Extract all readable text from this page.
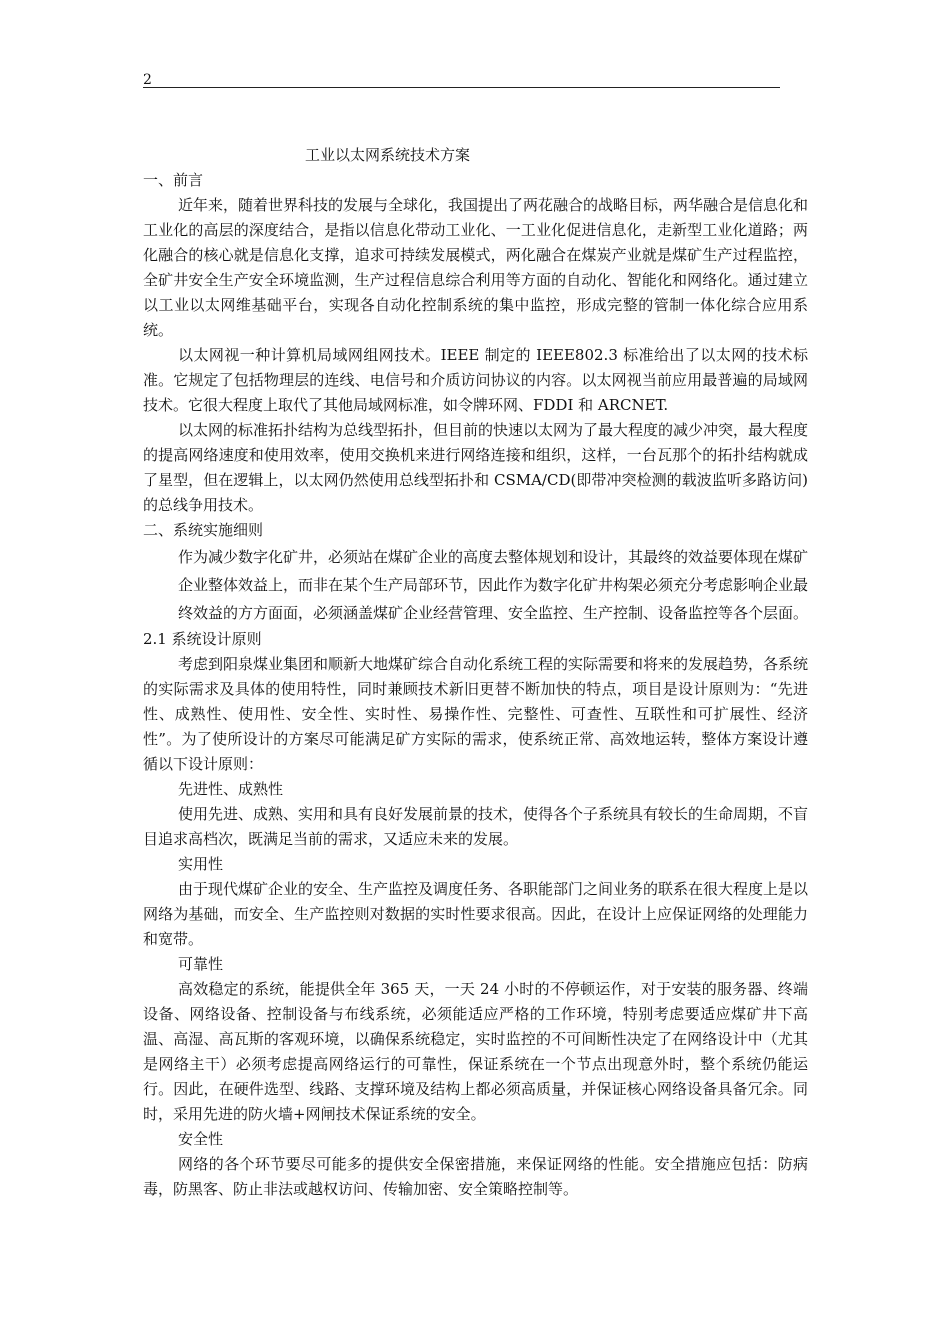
2
工业以太网系统技术方案
一、前言

近年来，随着世界科技的发展与全球化，我国提出了两花融合的战略目标，两华融合是信息化和工业化的高层的深度结合，是指以信息化带动工业化、一工业化促进信息化，走新型工业化道路；两化融合的核心就是信息化支撑，追求可持续发展模式，两化融合在煤炭产业就是煤矿生产过程监控，全矿井安全生产安全环境监测，生产过程信息综合利用等方面的自动化、智能化和网络化。通过建立以工业以太网维基础平台，实现各自动化控制系统的集中监控，形成完整的管制一体化综合应用系统。

以太网视一种计算机局域网组网技术。IEEE 制定的 IEEE802.3 标准给出了以太网的技术标准。它规定了包括物理层的连线、电信号和介质访问协议的内容。以太网视当前应用最普遍的局域网技术。它很大程度上取代了其他局域网标准，如令牌环网、FDDI 和 ARCNET.

以太网的标准拓扑结构为总线型拓扑，但目前的快速以太网为了最大程度的减少冲突，最大程度的提高网络速度和使用效率，使用交换机来进行网络连接和组织，这样，一台瓦那个的拓扑结构就成了星型，但在逻辑上，以太网仍然使用总线型拓扑和 CSMA/CD(即带冲突检测的载波监听多路访问)的总线争用技术。

二、系统实施细则
作为减少数字化矿井，必须站在煤矿企业的高度去整体规划和设计，其最终的效益要体现在煤矿企业整体效益上，而非在某个生产局部环节，因此作为数字化矿井构架必须充分考虑影响企业最终效益的方方面面，必须涵盖煤矿企业经营管理、安全监控、生产控制、设备监控等各个层面。
2.1 系统设计原则

考虑到阳泉煤业集团和顺新大地煤矿综合自动化系统工程的实际需要和将来的发展趋势，各系统的实际需求及具体的使用特性，同时兼顾技术新旧更替不断加快的特点，项目是设计原则为：“先进性、成熟性、使用性、安全性、实时性、易操作性、完整性、可查性、互联性和可扩展性、经济性”。为了使所设计的方案尽可能满足矿方实际的需求，使系统正常、高效地运转，整体方案设计遵循以下设计原则：

先进性、成熟性

使用先进、成熟、实用和具有良好发展前景的技术，使得各个子系统具有较长的生命周期，不盲目追求高档次，既满足当前的需求，又适应未来的发展。

实用性

由于现代煤矿企业的安全、生产监控及调度任务、各职能部门之间业务的联系在很大程度上是以网络为基础，而安全、生产监控则对数据的实时性要求很高。因此，在设计上应保证网络的处理能力和宽带。

可靠性

高效稳定的系统，能提供全年 365 天，一天 24 小时的不停顿运作，对于安装的服务器、终端设备、网络设备、控制设备与布线系统，必须能适应严格的工作环境，特别考虑要适应煤矿井下高温、高湿、高瓦斯的客观环境，以确保系统稳定，实时监控的不可间断性决定了在网络设计中（尤其是网络主干）必须考虑提高网络运行的可靠性，保证系统在一个节点出现意外时，整个系统仍能运行。因此，在硬件选型、线路、支撑环境及结构上都必须高质量，并保证核心网络设备具备冗余。同时，采用先进的防火墙+网闸技术保证系统的安全。

安全性

网络的各个环节要尽可能多的提供安全保密措施，来保证网络的性能。安全措施应包括：防病毒，防黑客、防止非法或越权访问、传输加密、安全策略控制等。
